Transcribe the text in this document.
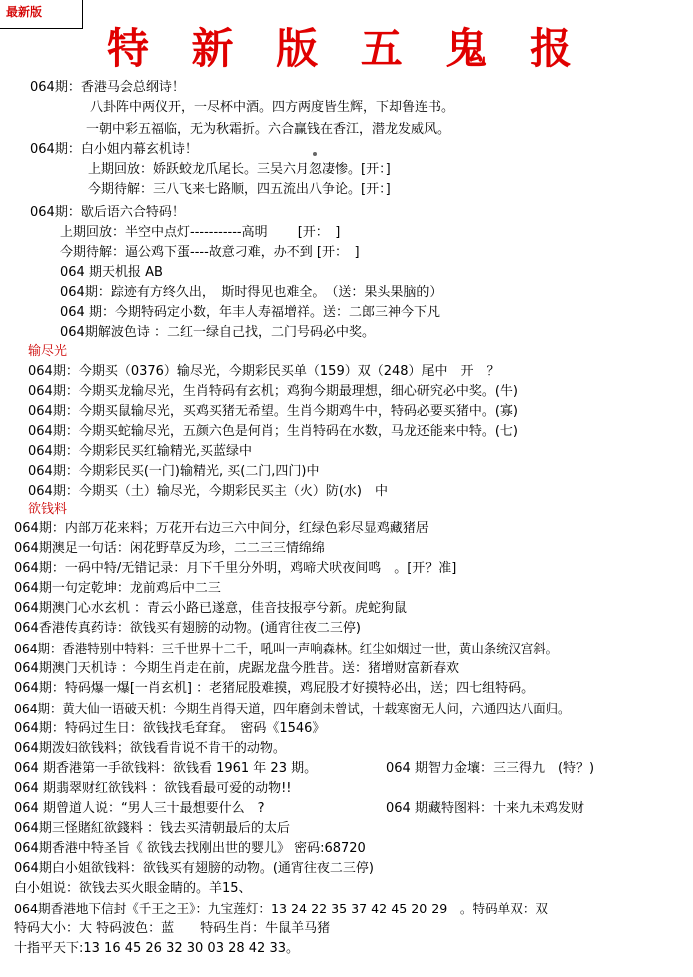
最新版
特 新 版 五 鬼 报
064期：香港马会总纲诗！
八卦阵中两仪开，一尽杯中酒。四方两度皆生辉，下却鲁连书。
一朝中彩五福临，无为秋霜折。六合赢钱在香江，潜龙发威风。
064期：白小姐内幕玄机诗！
上期回放：娇跃蛟龙爪尾长。三吴六月忽凄惨。[开：]
今期待解：三八飞来七路顺，四五流出八争论。[开：]
064期：歇后语六合特码！
上期回放：半空中点灯-----------高明　　 [开：　]
今期待解：逼公鸡下蛋----故意刁难，办不到 [开：　]
064 期天机报 AB
064期：踪迹有方终久出，　斯时得见也难全。　（送：果头果脑的）
064 期：今期特码定小数，年丰人寿福增祥。送：二郎三神今下凡
064期解波色诗 ：二红一绿自己找，二门号码必中奖。
输尽光
064期：今期买（0376）输尽光，今期彩民买单（159）双（248）尾中　开　？
064期：今期买龙输尽光，生肖特码有玄机；鸡狗今期最理想，细心研究必中奖。(牛)
064期：今期买鼠输尽光，买鸡买猪无希望。生肖今期鸡牛中，特码必要买猪中。(寡)
064期：今期买蛇输尽光，五颜六色是何肖；生肖特码在水数，马龙还能来中特。(七)
064期：今期彩民买红输精光,买蓝绿中
064期：今期彩民买(一门)输精光, 买(二门,四门)中
064期：今期买（土）输尽光，今期彩民买主（火）防(水)　中
欲钱料
064期：内部万花来料；万花开右边三六中间分，红绿色彩尽显鸡藏猪居
064期澳足一句话：闲花野草反为珍，二二三三情绵绵
064期：一码中特/无错记录：月下千里分外明，鸡啼犬吠夜间鸣　。[开？准]
064期一句定乾坤：龙前鸡后中二三
064期澳门心水玄机 ：青云小路已遂意，佳音技报亭兮新。虎蛇狗鼠
064香港传真药诗：欲钱买有翅膀的动物。(通宵往夜二三停)
064期：香港特别中特料：三千世界十二千，吼叫一声响森林。红尘如烟过一世，黄山条统汉宫斜。
064期澳门天机诗 ：今期生肖走在前，虎踞龙盘今胜昔。送：猪增财富新春欢
064期：特码爆一爆[一肖玄机] ：老猪屁股难摸，鸡屁股才好摸特必出，送；四七组特码。
064期：黄大仙一语破天机：今期生肖得天道，四年磨剑未曾试，十载寒窗无人问，六通四达八面归。
064期：特码过生日：欲钱找毛耷耷。　密码《1546》
064期泼妇欲钱料；欲钱看肯说不肯干的动物。
064 期香港第一手欲钱料：欲钱看 1961 年 23 期。	064 期智力金壤：三三得九　(特？)
064 期翡翠财红欲钱料 ：欲钱看最可爱的动物!!
064 期曾道人说：“男人三十最想要什么　?	064 期藏特图料：十来九未鸡发财
064期三怪賭紅欲錢料 ：钱去买清朝最后的太后
064期香港中特圣旨《 欲钱去找刚出世的婴儿》 密码:68720
064期白小姐欲钱料：欲钱买有翅膀的动物。(通宵往夜二三停)
白小姐说：欲钱去买火眼金睛的。羊15、
064期香港地下信封《千王之王》：九宝莲灯：13 24 22 35 37 42 45 20 29　。特码单双：双
特码大小：大 特码波色：蓝　　特码生肖：牛鼠羊马猪
十指平天下:13 16 45 26 32 30 03 28 42 33。
